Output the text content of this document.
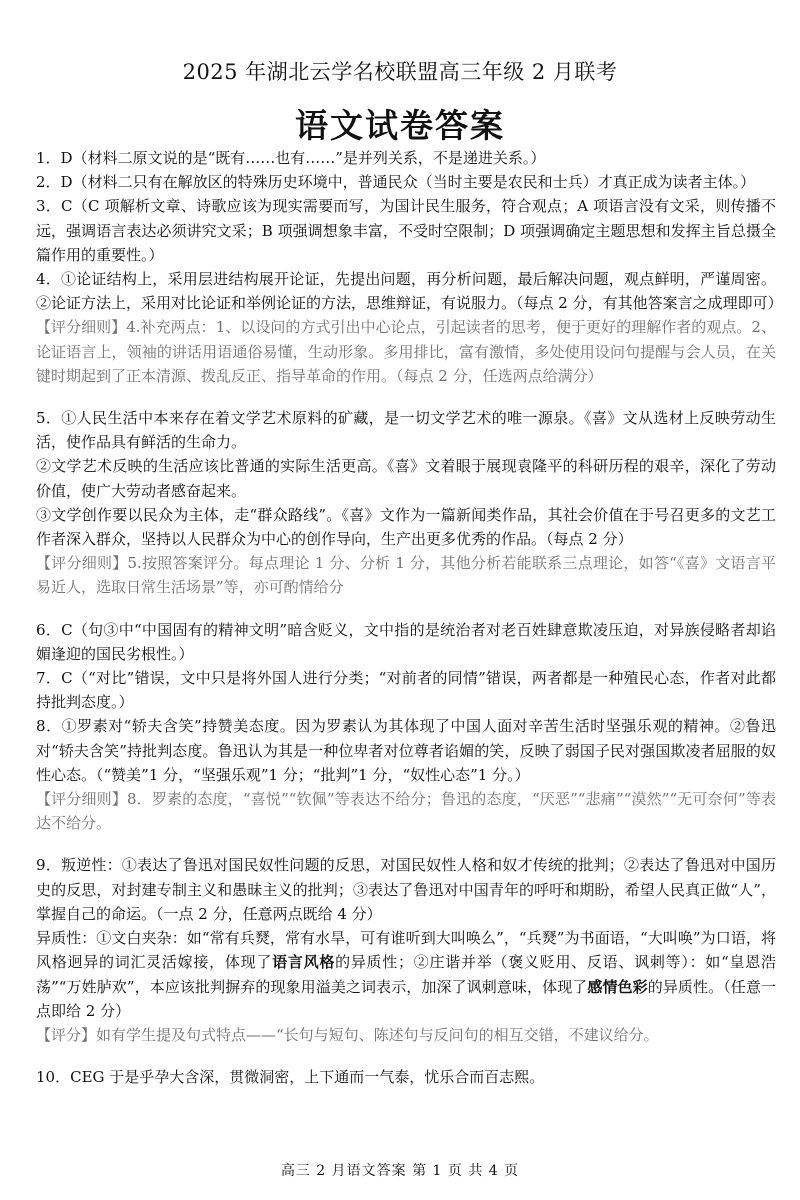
2025 年湖北云学名校联盟高三年级 2 月联考
语文试卷答案

1．D（材料二原文说的是“既有……也有……”是并列关系，不是递进关系。）

2．D（材料二只有在解放区的特殊历史环境中，普通民众（当时主要是农民和士兵）才真正成为读者主体。）

3．C（C 项解析文章、诗歌应该为现实需要而写，为国计民生服务，符合观点；A 项语言没有文采，则传播不远，强调语言表达必须讲究文采；B 项强调想象丰富，不受时空限制；D 项强调确定主题思想和发挥主旨总摄全篇作用的重要性。）

4．①论证结构上，采用层进结构展开论证，先提出问题，再分析问题，最后解决问题，观点鲜明，严谨周密。②论证方法上，采用对比论证和举例论证的方法，思维辩证，有说服力。（每点 2 分，有其他答案言之成理即可）

【评分细则】4.补充两点：1、以设问的方式引出中心论点，引起读者的思考，便于更好的理解作者的观点。2、论证语言上，领袖的讲话用语通俗易懂，生动形象。多用排比，富有激情，多处使用设问句提醒与会人员，在关键时期起到了正本清源、拨乱反正、指导革命的作用。（每点 2 分，任选两点给满分）

5．①人民生活中本来存在着文学艺术原料的矿藏，是一切文学艺术的唯一源泉。《喜》文从选材上反映劳动生活，使作品具有鲜活的生命力。

②文学艺术反映的生活应该比普通的实际生活更高。《喜》文着眼于展现袁隆平的科研历程的艰辛，深化了劳动价值，使广大劳动者感奋起来。

③文学创作要以民众为主体，走“群众路线”。《喜》文作为一篇新闻类作品，其社会价值在于号召更多的文艺工作者深入群众，坚持以人民群众为中心的创作导向，生产出更多优秀的作品。（每点 2 分）

【评分细则】5.按照答案评分。每点理论 1 分、分析 1 分，其他分析若能联系三点理论，如答“《喜》文语言平易近人，选取日常生活场景”等，亦可酌情给分

6．C（句③中“中国固有的精神文明”暗含贬义，文中指的是统治者对老百姓肆意欺凌压迫，对异族侵略者却谄媚逢迎的国民劣根性。）

7．C（“对比”错误，文中只是将外国人进行分类；“对前者的同情”错误，两者都是一种殖民心态，作者对此都持批判态度。）

8．①罗素对“轿夫含笑”持赞美态度。因为罗素认为其体现了中国人面对辛苦生活时坚强乐观的精神。②鲁迅对“轿夫含笑”持批判态度。鲁迅认为其是一种位卑者对位尊者谄媚的笑，反映了弱国子民对强国欺凌者屈服的奴性心态。（“赞美”1 分，“坚强乐观”1 分；“批判”1 分，“奴性心态”1 分。）

【评分细则】8．罗素的态度，“喜悦”“钦佩”等表达不给分；鲁迅的态度，“厌恶”“悲痛”“漠然”“无可奈何”等表达不给分。

9．叛逆性：①表达了鲁迅对国民奴性问题的反思，对国民奴性人格和奴才传统的批判；②表达了鲁迅对中国历史的反思，对封建专制主义和愚昧主义的批判；③表达了鲁迅对中国青年的呼吁和期盼，希望人民真正做“人”，掌握自己的命运。（一点 2 分，任意两点既给 4 分）

异质性：①文白夹杂：如“常有兵燹，常有水旱，可有谁听到大叫唤么”，“兵燹”为书面语，“大叫唤”为口语，将风格迥异的词汇灵活嫁接，体现了语言风格的异质性；②庄谐并举（褒义贬用、反语、讽刺等）：如“皇恩浩荡”“万姓胪欢”，本应该批判摒弃的现象用溢美之词表示，加深了讽刺意味，体现了感情色彩的异质性。（任意一点即给 2 分）

【评分】如有学生提及句式特点——“长句与短句、陈述句与反问句的相互交错，不建议给分。

10．CEG 于是乎孕大含深，贯微洞密，上下通而一气泰，忧乐合而百志熙。

高三 2 月语文答案 第 1 页 共 4 页
